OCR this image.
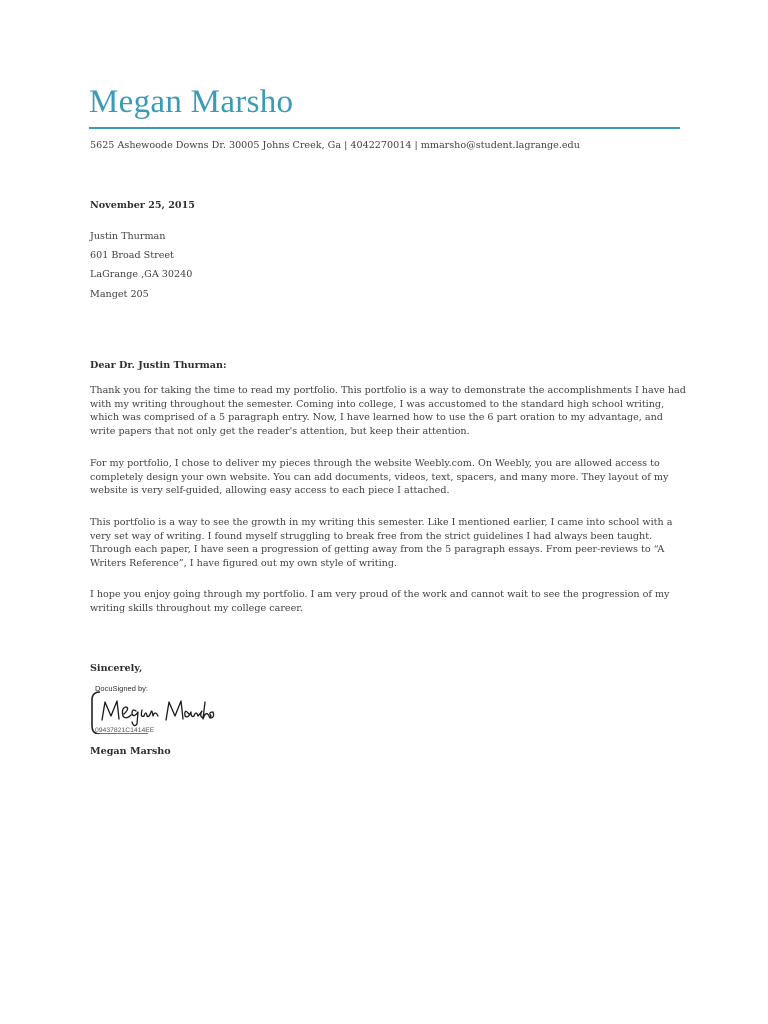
Megan Marsho
5625 Ashewoode Downs Dr. 30005 Johns Creek, Ga | 4042270014 | mmarsho@student.lagrange.edu
November 25, 2015
Justin Thurman
601 Broad Street
LaGrange ,GA 30240
Manget 205
Dear Dr. Justin Thurman:
Thank you for taking the time to read my portfolio. This portfolio is a way to demonstrate the accomplishments I have had
with my writing throughout the semester. Coming into college, I was accustomed to the standard high school writing,
which was comprised of a 5 paragraph entry. Now, I have learned how to use the 6 part oration to my advantage, and
write papers that not only get the reader's attention, but keep their attention.
For my portfolio, I chose to deliver my pieces through the website Weebly.com. On Weebly, you are allowed access to
completely design your own website. You can add documents, videos, text, spacers, and many more. They layout of my
website is very self-guided, allowing easy access to each piece I attached.
This portfolio is a way to see the growth in my writing this semester. Like I mentioned earlier, I came into school with a
very set way of writing. I found myself struggling to break free from the strict guidelines I had always been taught.
Through each paper, I have seen a progression of getting away from the 5 paragraph essays. From peer-reviews to “A
Writers Reference”, I have figured out my own style of writing.
I hope you enjoy going through my portfolio. I am very proud of the work and cannot wait to see the progression of my
writing skills throughout my college career.
Sincerely,
DocuSigned by:
09437821C1414EE
Megan Marsho
